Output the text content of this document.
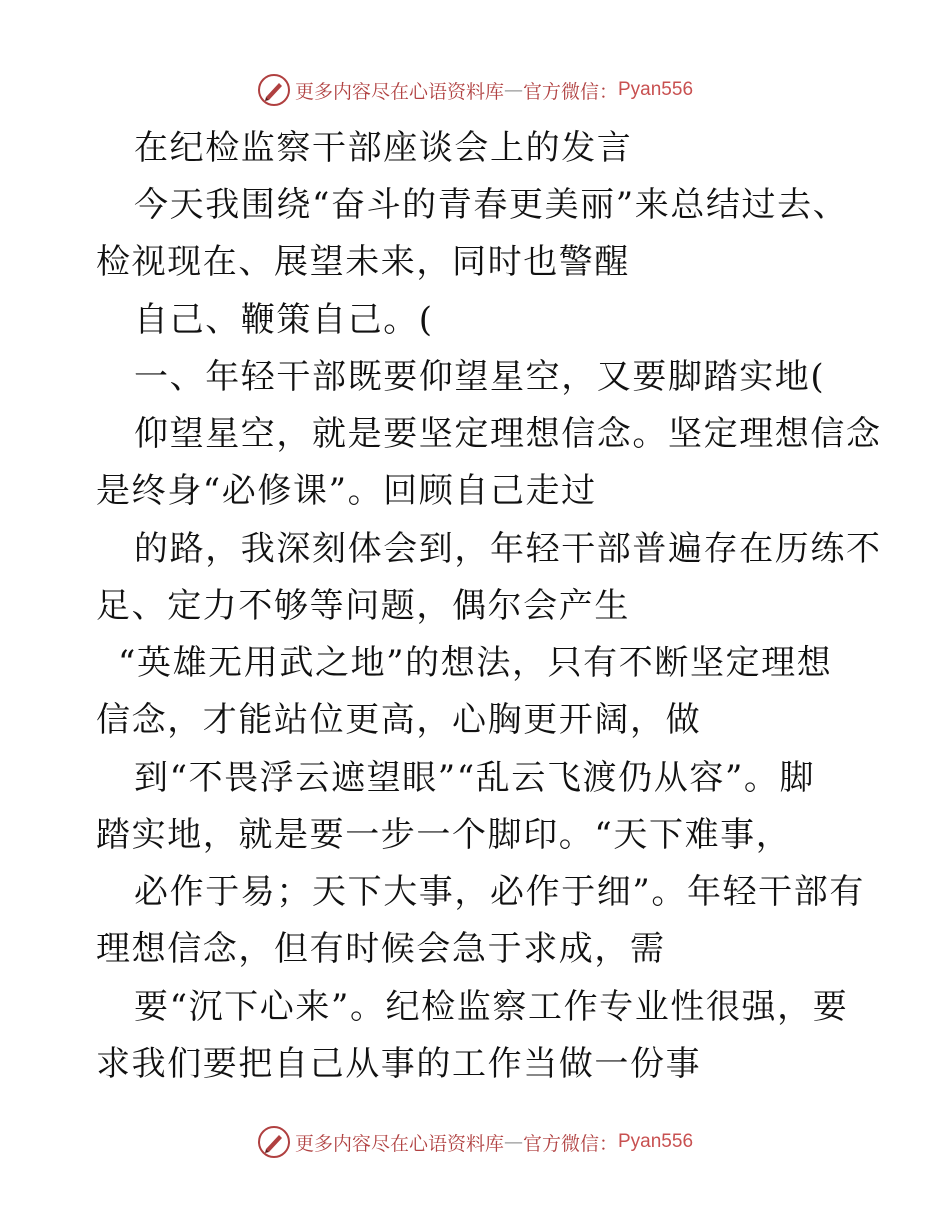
更多内容尽在心语资料库 — 官方微信： Pyan556
在纪检监察干部座谈会上的发言
今天我围绕“奋斗的青春更美丽”来总结过去、
检视现在、展望未来，同时也警醒
自己、鞭策自己。(
一、年轻干部既要仰望星空，又要脚踏实地(
仰望星空，就是要坚定理想信念。坚定理想信念
是终身“必修课”。回顾自己走过
的路，我深刻体会到，年轻干部普遍存在历练不
足、定力不够等问题，偶尔会产生
“英雄无用武之地”的想法，只有不断坚定理想
信念，才能站位更高，心胸更开阔，做
到“不畏浮云遮望眼”“乱云飞渡仍从容”。脚
踏实地，就是要一步一个脚印。“天下难事，
必作于易；天下大事，必作于细”。年轻干部有
理想信念，但有时候会急于求成，需
要“沉下心来”。纪检监察工作专业性很强，要
求我们要把自己从事的工作当做一份事
更多内容尽在心语资料库 — 官方微信： Pyan556
